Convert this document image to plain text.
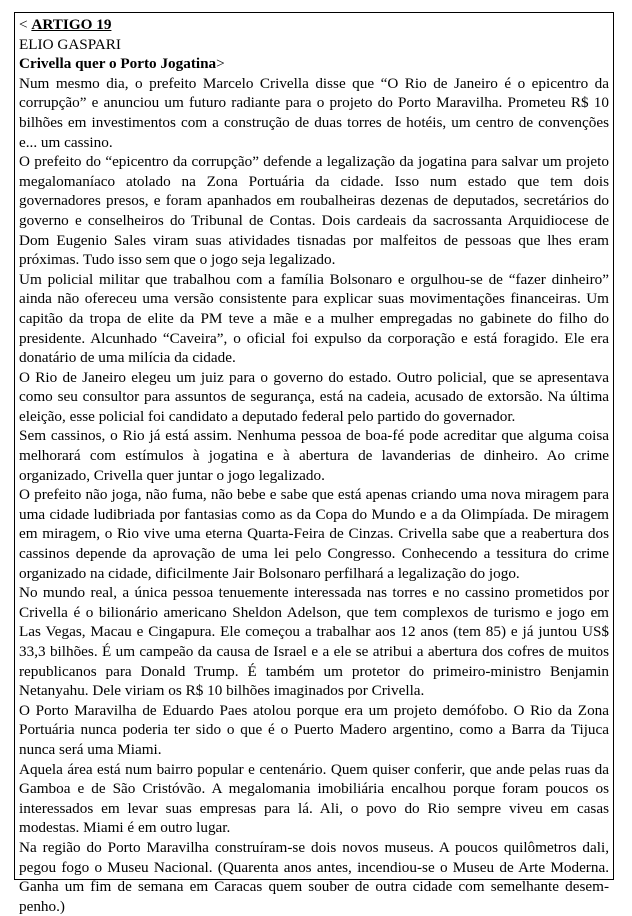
< ARTIGO 19
ELIO GASPARI
Crivella quer o Porto Jogatina>

Num mesmo dia, o prefeito Marcelo Crivella disse que “O Rio de Janeiro é o epicentro da corrupção” e anunciou um futuro radiante para o projeto do Porto Maravilha. Prometeu R$ 10 bilhões em investimentos com a construção de duas torres de hotéis, um centro de convenções e... um cassino.

O prefeito do “epicentro da corrupção” defende a legalização da jogatina para salvar um projeto megalomaníaco atolado na Zona Portuária da cidade. Isso num estado que tem dois governadores presos, e foram apanhados em roubalheiras dezenas de deputados, secretários do governo e conselheiros do Tribunal de Contas. Dois cardeais da sacrossanta Arquidiocese de Dom Eugenio Sales viram suas atividades tisnadas por malfeitos de pessoas que lhes eram próximas. Tudo isso sem que o jogo seja legalizado.

Um policial militar que trabalhou com a família Bolsonaro e orgulhou-se de “fazer dinheiro” ainda não ofereceu uma versão consistente para explicar suas movimentações financeiras. Um capitão da tropa de elite da PM teve a mãe e a mulher empregadas no gabinete do filho do presidente. Alcunhado “Caveira”, o oficial foi expulso da corporação e está foragido. Ele era donatário de uma milícia da cidade.

O Rio de Janeiro elegeu um juiz para o governo do estado. Outro policial, que se apresentava como seu consultor para assuntos de segurança, está na cadeia, acusado de extorsão. Na última eleição, esse policial foi candidato a deputado federal pelo partido do governador.

Sem cassinos, o Rio já está assim. Nenhuma pessoa de boa-fé pode acreditar que alguma coisa melhorará com estímulos à jogatina e à abertura de lavanderias de dinheiro. Ao crime organizado, Crivella quer juntar o jogo legalizado.

O prefeito não joga, não fuma, não bebe e sabe que está apenas criando uma nova miragem para uma cidade ludibriada por fantasias como as da Copa do Mundo e a da Olimpíada. De miragem em miragem, o Rio vive uma eterna Quarta-Feira de Cinzas. Crivella sabe que a reabertura dos cassinos depende da aprovação de uma lei pelo Congresso. Conhecendo a tessitura do crime organizado na cidade, dificilmente Jair Bolsonaro perfilhará a legalização do jogo.

No mundo real, a única pessoa tenuemente interessada nas torres e no cassino prometidos por Crivella é o bilionário americano Sheldon Adelson, que tem complexos de turismo e jogo em Las Vegas, Macau e Cingapura. Ele começou a trabalhar aos 12 anos (tem 85) e já juntou US$ 33,3 bilhões. É um campeão da causa de Israel e a ele se atribui a abertura dos cofres de muitos republicanos para Donald Trump. É também um protetor do primeiro-ministro Benjamin Netanyahu. Dele viriam os R$ 10 bilhões imaginados por Crivella.

O Porto Maravilha de Eduardo Paes atolou porque era um projeto demófobo. O Rio da Zona Portuária nunca poderia ter sido o que é o Puerto Madero argentino, como a Barra da Tijuca nunca será uma Miami.

Aquela área está num bairro popular e centenário. Quem quiser conferir, que ande pelas ruas da Gamboa e de São Cristóvão. A megalomania imobiliária encalhou porque foram poucos os interessados em levar suas empresas para lá. Ali, o povo do Rio sempre viveu em casas modestas. Miami é em outro lugar.

Na região do Porto Maravilha construíram-se dois novos museus. A poucos quilômetros dali, pegou fogo o Museu Nacional. (Quarenta anos antes, incendiou-se o Museu de Arte Moderna. Ganha um fim de semana em Caracas quem souber de outra cidade com semelhante desempenho.)
